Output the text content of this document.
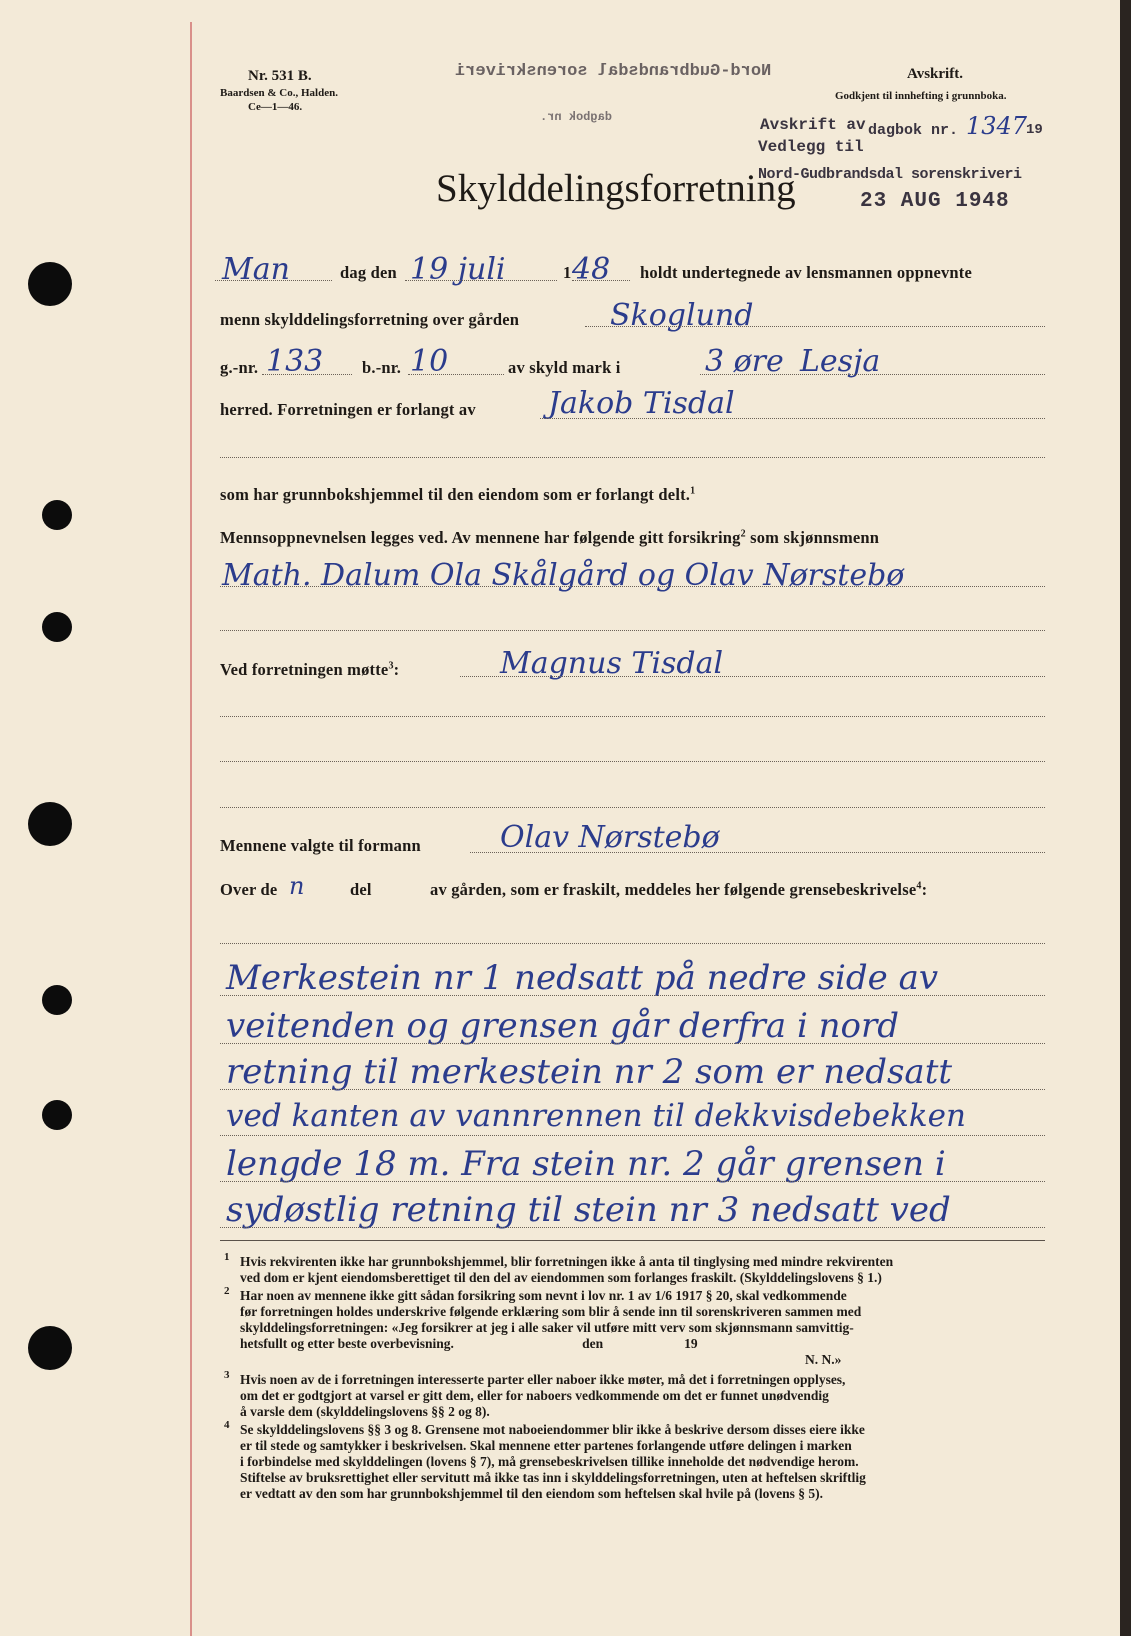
Nr. 531 B.
Baardsen & Co., Halden.
Ce—1—46.
Nord-Gudbrandsdal sorenskriveri
dagbok nr.
Avskrift.
Godkjent til innhefting i grunnboka.
Avskrift av dagbok nr. 1347
19
Vedlegg til
Nord-Gudbrandsdal sorenskriveri
23 AUG 1948
Skylddelingsforretning
Man	dag den 19 juli	1 48 holdt undertegnede av lensmannen oppnevnte
menn skylddelingsforretning over gården	Skoglund
g.-nr. 133 b.-nr. 10	av skyld mark i	3 øre Lesja
herred. Forretningen er forlangt av Jakob Tisdal
som har grunnbokshjemmel til den eiendom som er forlangt delt.$^1$
Mennsoppnevnelsen legges ved. Av mennene har følgende gitt forsikring$^2$ som skjønnsmenn
Math. Dalum Ola Skålgård og Olav Nørstebø
Ved forretningen møtte$^3$:	Magnus Tisdal
Mennene valgte til formann	Olav Nørstebø
Over de n	del	av gården, som er fraskilt, meddeles her følgende grensebeskrivelse$^4$:
Merkestein nr 1 nedsatt på nedre side av
veitenden og grensen går derfra i nord
retning til merkestein nr 2 som er nedsatt
ved kanten av vannrennen til dekkvisdebekken
lengde 18 m. Fra stein nr. 2 går grensen i
sydøstlig retning til stein nr 3 nedsatt ved
1 Hvis rekvirenten ikke har grunnbokshjemmel, blir forretningen ikke å anta til tinglysing med mindre rekvirenten
ved dom er kjent eiendomsberettiget til den del av eiendommen som forlanges fraskilt. (Skylddelingslovens § 1.)
2 Har noen av mennene ikke gitt sådan forsikring som nevnt i lov nr. 1 av 1/6 1917 § 20, skal vedkommende
før forretningen holdes underskrive følgende erklæring som blir å sende inn til sorenskriveren sammen med
skylddelingsforretningen: «Jeg forsikrer at jeg i alle saker vil utføre mitt verv som skjønnsmann samvittig-
hetsfullt og etter beste overbevisning.                                      den                        19
N. N.»
3 Hvis noen av de i forretningen interesserte parter eller naboer ikke møter, må det i forretningen opplyses,
om det er godtgjort at varsel er gitt dem, eller for naboers vedkommende om det er funnet unødvendig
å varsle dem (skylddelingslovens §§ 2 og 8).
4 Se skylddelingslovens §§ 3 og 8. Grensene mot naboeiendommer blir ikke å beskrive dersom disses eiere ikke
er til stede og samtykker i beskrivelsen. Skal mennene etter partenes forlangende utføre delingen i marken
i forbindelse med skylddelingen (lovens § 7), må grensebeskrivelsen tillike inneholde det nødvendige herom.
Stiftelse av bruksrettighet eller servitutt må ikke tas inn i skylddelingsforretningen, uten at heftelsen skriftlig
er vedtatt av den som har grunnbokshjemmel til den eiendom som heftelsen skal hvile på (lovens § 5).
